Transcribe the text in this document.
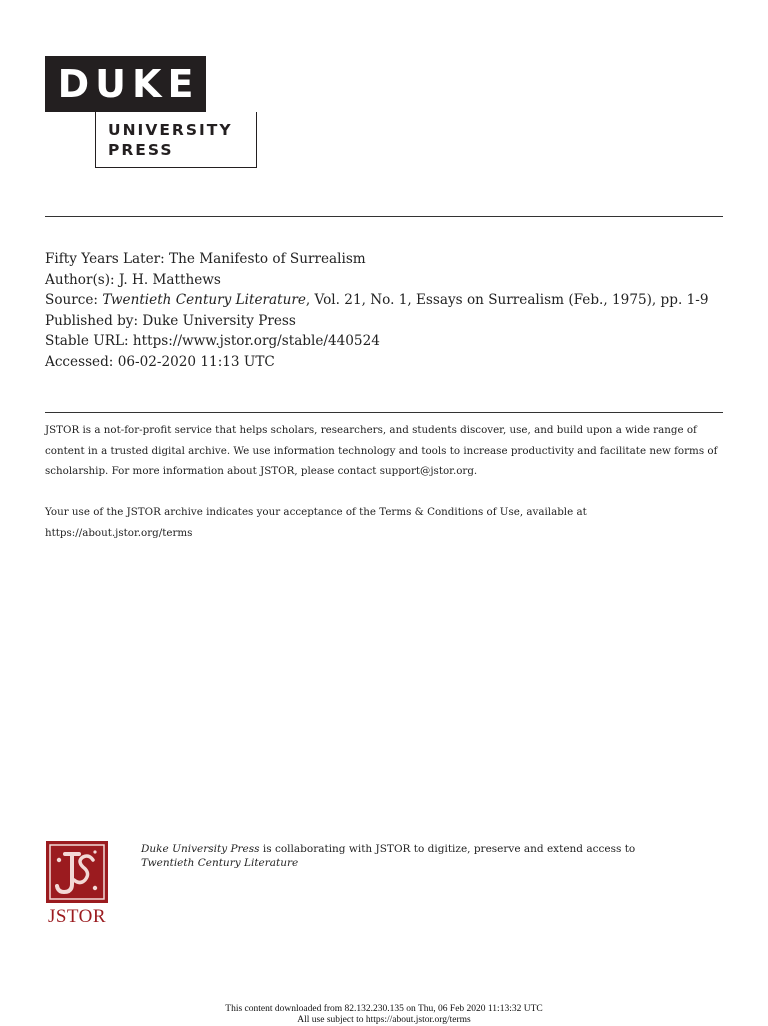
DUKE
UNIVERSITY
PRESS
Fifty Years Later: The Manifesto of Surrealism
Author(s): J. H. Matthews
Source: Twentieth Century Literature, Vol. 21, No. 1, Essays on Surrealism (Feb., 1975), pp. 1-9
Published by: Duke University Press
Stable URL: https://www.jstor.org/stable/440524
Accessed: 06-02-2020 11:13 UTC

JSTOR is a not-for-profit service that helps scholars, researchers, and students discover, use, and build upon a wide range of content in a trusted digital archive. We use information technology and tools to increase productivity and facilitate new forms of scholarship. For more information about JSTOR, please contact support@jstor.org.

Your use of the JSTOR archive indicates your acceptance of the Terms & Conditions of Use, available at
https://about.jstor.org/terms

JSTOR
Duke University Press is collaborating with JSTOR to digitize, preserve and extend access to
Twentieth Century Literature
This content downloaded from 82.132.230.135 on Thu, 06 Feb 2020 11:13:32 UTC
All use subject to https://about.jstor.org/terms
